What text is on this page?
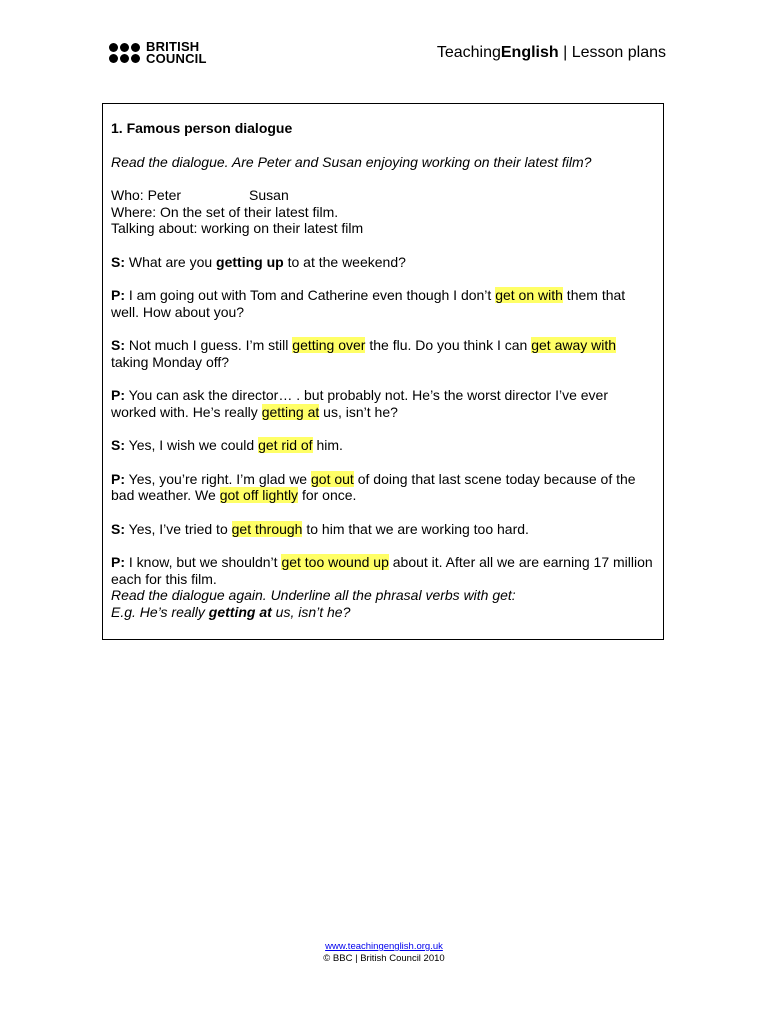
BRITISH
COUNCIL	TeachingEnglish | Lesson plans

1. Famous person dialogue

Read the dialogue. Are Peter and Susan enjoying working on their latest film?

Who: Peter	Susan
Where: On the set of their latest film.
Talking about: working on their latest film

S: What are you getting up to at the weekend?

P: I am going out with Tom and Catherine even though I don’t get on with them that well. How about you?

S: Not much I guess. I’m still getting over the flu. Do you think I can get away with taking Monday off?

P: You can ask the director… . but probably not. He’s the worst director I’ve ever worked with. He’s really getting at us, isn’t he?

S: Yes, I wish we could get rid of him.

P: Yes, you’re right. I’m glad we got out of doing that last scene today because of the bad weather. We got off lightly for once.

S: Yes, I’ve tried to get through to him that we are working too hard.

P: I know, but we shouldn’t get too wound up about it. After all we are earning 17 million each for this film.

Read the dialogue again. Underline all the phrasal verbs with get:
E.g. He’s really getting at us, isn’t he?
www.teachingenglish.org.uk
© BBC | British Council 2010
